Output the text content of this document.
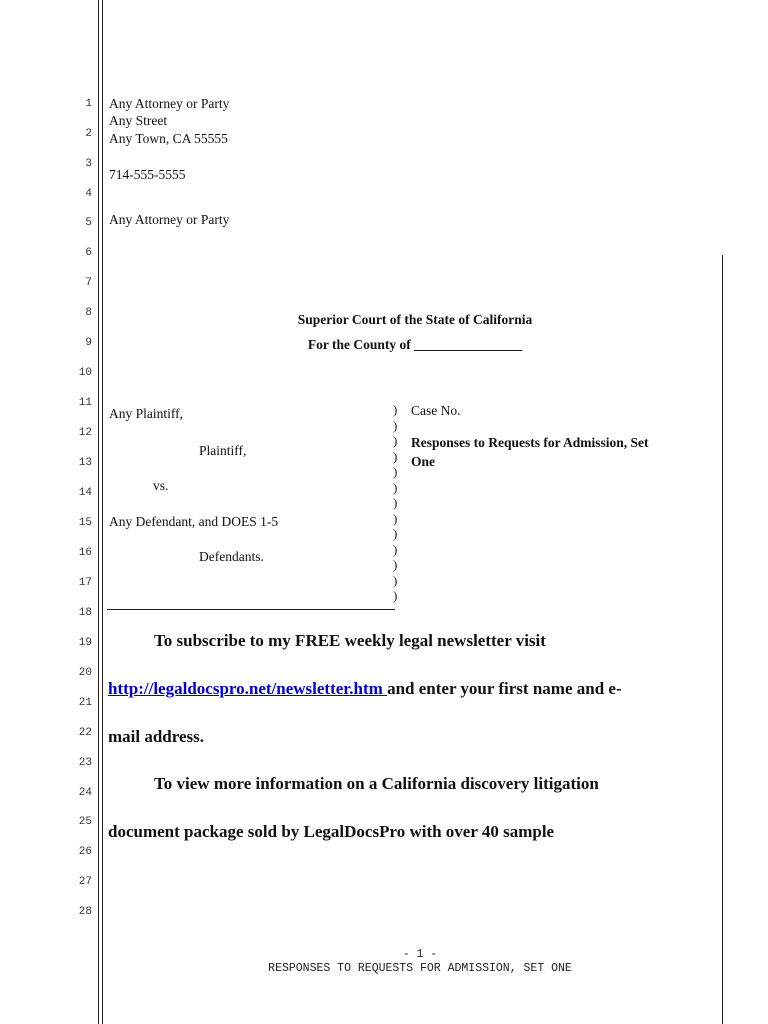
1
2
3
4
5
6
7
8
9
10
11
12
13
14
15
16
17
18
19
20
21
22
23
24
25
26
27
28
Any Attorney or Party
Any Street
Any Town, CA 55555
714-555-5555
Any Attorney or Party
Superior Court of the State of California
For the County of ________________
Any Plaintiff,
Plaintiff,
vs.
Any Defendant, and DOES 1-5
Defendants.
)
)
)
)
)
)
)
)
)
)
)
)
)
Case No.
Responses to Requests for Admission, Set
One
To subscribe to my FREE weekly legal newsletter visit
http://legaldocspro.net/newsletter.htm and enter your first name and e-
mail address.
To view more information on a California discovery litigation
document package sold by LegalDocsPro with over 40 sample
- 1 -
RESPONSES TO REQUESTS FOR ADMISSION, SET ONE
